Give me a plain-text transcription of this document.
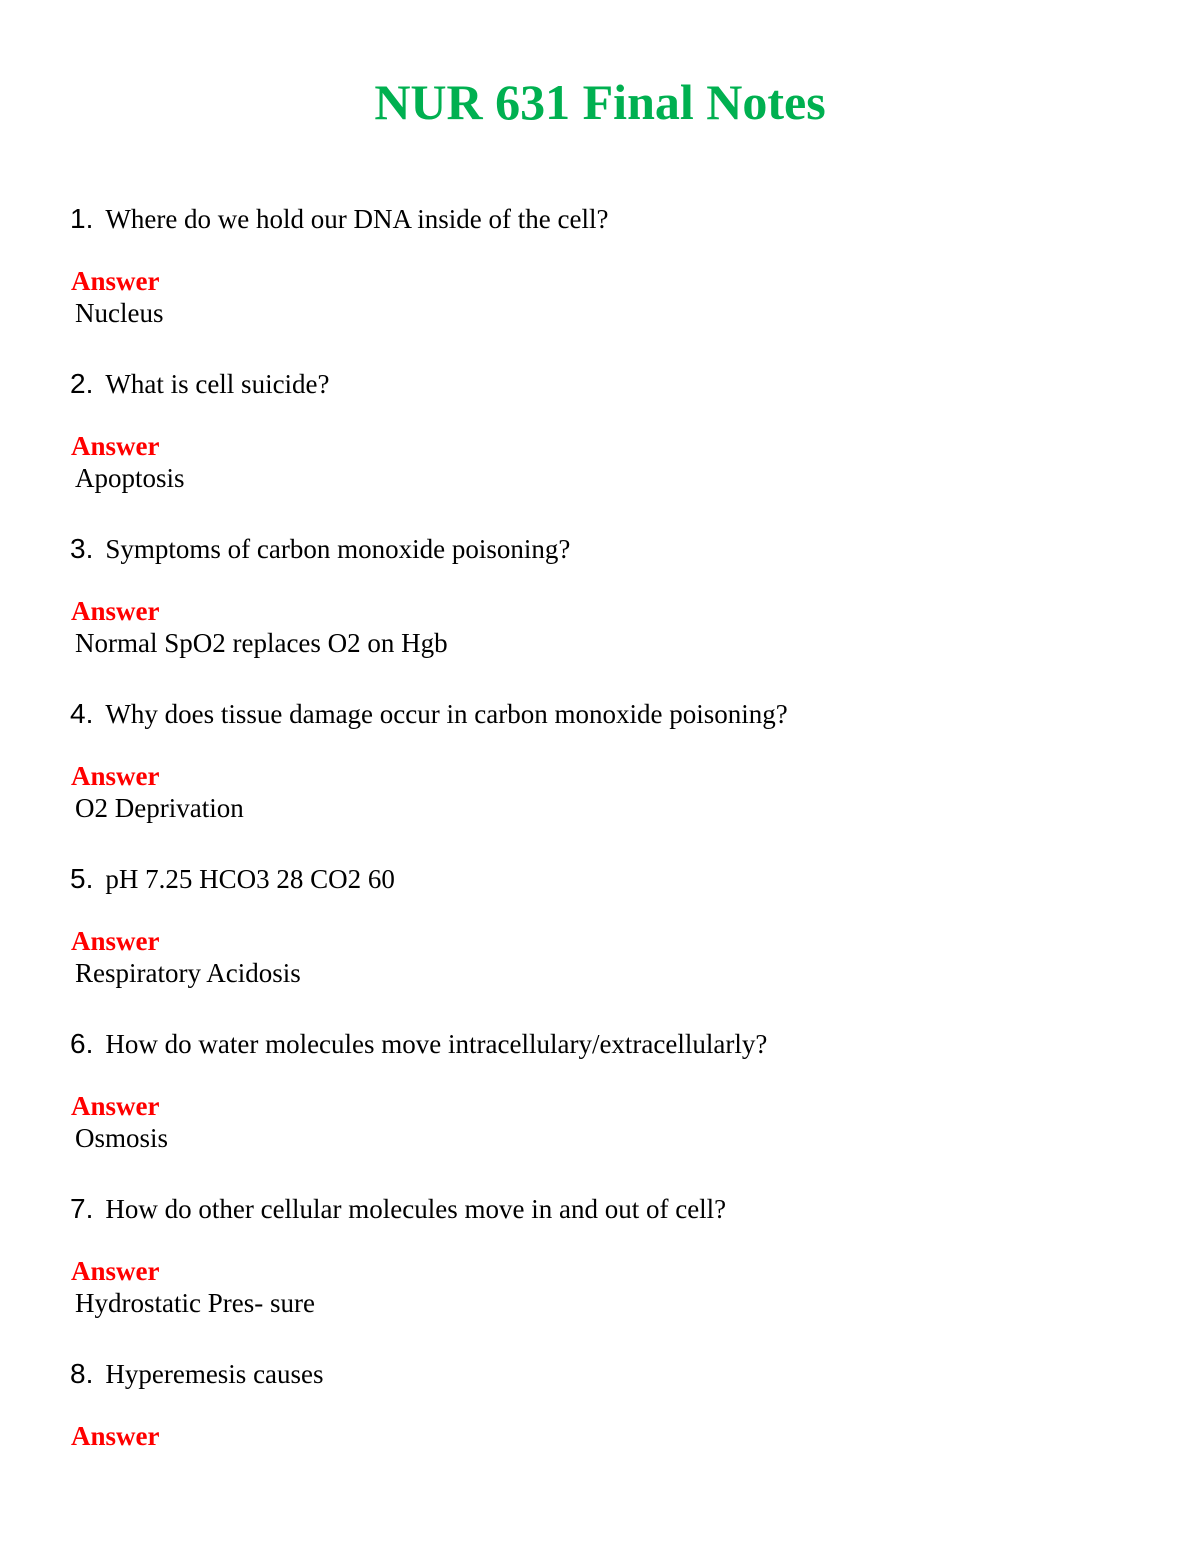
NUR 631 Final Notes
1. Where do we hold our DNA inside of the cell?
Answer
Nucleus
2. What is cell suicide?
Answer
Apoptosis
3. Symptoms of carbon monoxide poisoning?
Answer
Normal SpO2 replaces O2 on Hgb
4. Why does tissue damage occur in carbon monoxide poisoning?
Answer
O2 Deprivation
5. pH 7.25 HCO3 28 CO2 60
Answer
Respiratory Acidosis
6. How do water molecules move intracellulary/extracellularly?
Answer
Osmosis
7. How do other cellular molecules move in and out of cell?
Answer
Hydrostatic Pres- sure
8. Hyperemesis causes
Answer
